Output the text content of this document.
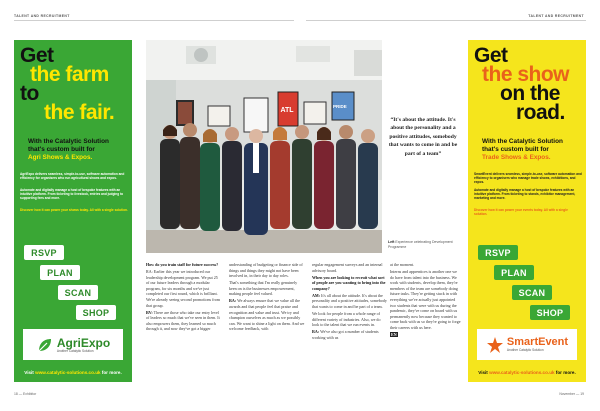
TALENT AND RECRUITMENT	TALENT AND RECRUITMENT
Get
the farm
to
the fair.
With the Catalytic Solution
that's custom built for
Agri Shows & Expos.
AgriExpo delivers seamless, simple-to-use, software automation and efficiency for organisers who run agricultural shows and expos.
Automate and digitally manage a host of bespoke features with an intuitive platform. From ticketing to livestock, entries and judging to supporting fees and more.
Discover how it can power your shows today. All with a single solution.
RSVP
PLAN
SCAN
SHOP
AgriExpo
Another Catalytic Solution
Visit
www.catalytic-solutions.co.uk
for more.
ATL
PRIDE
“It's about the attitude. It's about the personality and a positive attitudes, somebody that wants to come in and be part of a team”
Left Experience celebrating Development Programme

How do you train staff for future success?

RA: Earlier this year we introduced our leadership development program. We put 25 of our future leaders through a modular program, for six months and we've just completed our first round, which is brilliant. We're already seeing second promotions from that group.

RV: There are those who take our entry level of leaders so much that we've seen in them. It also empowers them, they learned so much through it, and now they've got a bigger

understanding of budgeting or finance side of things and things they might not have been involved in, in their day to day roles.

That's something that I'm really genuinely keen on is the businesses empowerment, making people feel valued.

RA: We always ensure that we value all the awards and that people feel that praise and recognition and value and trust. We try and champion ourselves as much as we possibly can. We want to shine a light on them. And we welcome feedback, with

regular engagement surveys and an internal advisory board.

When you are looking to recruit what sort of people are you wanting to bring into the company?

AM: It's all about the attitude. It's about the personality and a positive attitudes, somebody that wants to come in and be part of a team.

We look for people from a whole range of different variety of industries. Also, we do look to the talent that we run events in.

RA: We've also got a number of students working with us

at the moment.

Interns and apprentices is another one we do have from talent into the business. We work with students, develop them, they're members of the team are somebody doing future tasks. They're getting stuck in with everything we've actually just appointed two students that were with us during the pandemic, they've come on board with us permanently now because they wanted to come back with us so they're going to forge their careers with us here.

EN

Get
the show
on the
road.
With the Catalytic Solution
that's custom built for
Trade Shows & Expos.
SmartEvent delivers seamless, simple-to-use, software automation and efficiency to organisers who manage trade shows, exhibitions, and expos.
Automate and digitally manage a host of bespoke features with an intuitive platform. From ticketing to stands, exhibitor management, marketing and more.
Discover how it can power your events today. All with a single solution.
RSVP
PLAN
SCAN
SHOP
SmartEvent
Another Catalytic Solution
Visit
www.catalytic-solutions.co.uk
for more.
18 — Exhibitor	November — 19
